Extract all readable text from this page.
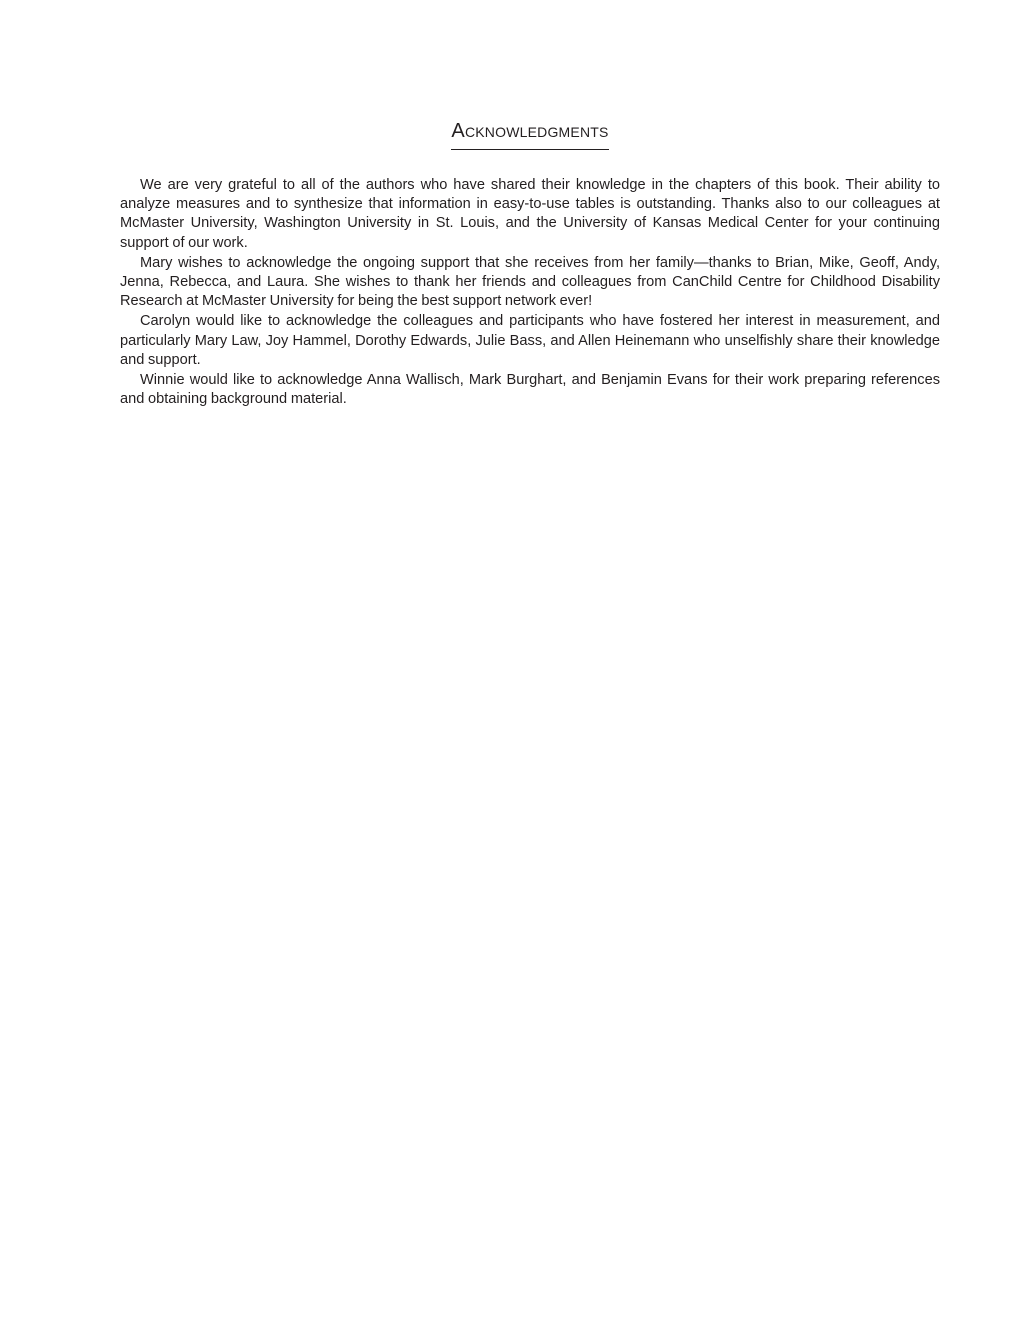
Acknowledgments

We are very grateful to all of the authors who have shared their knowledge in the chapters of this book. Their ability to analyze measures and to synthesize that information in easy-to-use tables is outstanding. Thanks also to our colleagues at McMaster University, Washington University in St. Louis, and the University of Kansas Medical Center for your continuing support of our work.

Mary wishes to acknowledge the ongoing support that she receives from her family—thanks to Brian, Mike, Geoff, Andy, Jenna, Rebecca, and Laura. She wishes to thank her friends and colleagues from CanChild Centre for Childhood Disability Research at McMaster University for being the best support network ever!

Carolyn would like to acknowledge the colleagues and participants who have fostered her interest in measurement, and particularly Mary Law, Joy Hammel, Dorothy Edwards, Julie Bass, and Allen Heinemann who unselfishly share their knowledge and support.

Winnie would like to acknowledge Anna Wallisch, Mark Burghart, and Benjamin Evans for their work preparing references and obtaining background material.
